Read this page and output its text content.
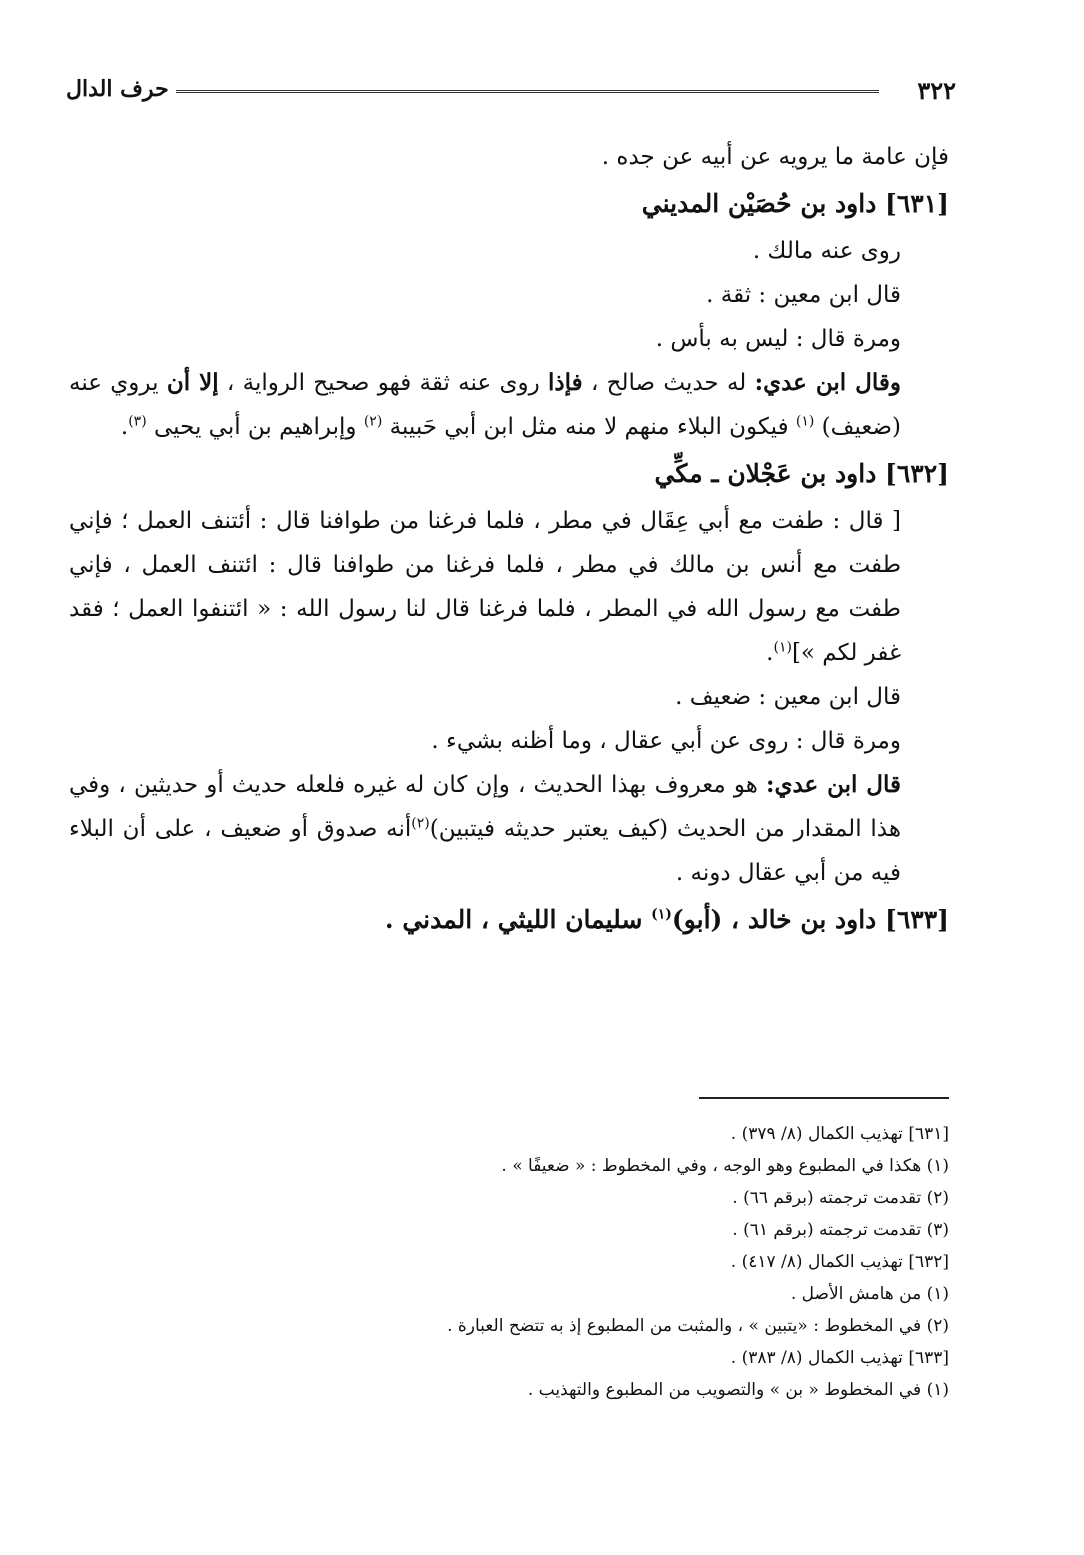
٣٢٢
حرف الدال

فإن عامة ما يرويه عن أبيه عن جده .

[٦٣١] داود بن حُصَيْن المديني

روى عنه مالك .

قال ابن معين : ثقة .

ومرة قال : ليس به بأس .

وقال ابن عدي: له حديث صالح ، فإذا روى عنه ثقة فهو صحيح الرواية ، إلا أن يروي عنه (ضعيف) $^{(١)}$ فيكون البلاء منهم لا منه مثل ابن أبي حَبيبة $^{(٢)}$ وإبراهيم بن أبي يحيى $^{(٣)}$.

[٦٣٢] داود بن عَجْلان ـ مكِّي

[ قال : طفت مع أبي عِقَال في مطر ، فلما فرغنا من طوافنا قال : أئتنف العمل ؛ فإني طفت مع أنس بن مالك في مطر ، فلما فرغنا من طوافنا قال : ائتنف العمل ، فإني طفت مع رسول الله في المطر ، فلما فرغنا قال لنا رسول الله : « ائتنفوا العمل ؛ فقد غفر لكم »]$^{(١)}$.

قال ابن معين : ضعيف .

ومرة قال : روى عن أبي عقال ، وما أظنه بشيء .

قال ابن عدي: هو معروف بهذا الحديث ، وإن كان له غيره فلعله حديث أو حديثين ، وفي هذا المقدار من الحديث (كيف يعتبر حديثه فيتبين)$^{(٢)}$أنه صدوق أو ضعيف ، على أن البلاء فيه من أبي عقال دونه .

[٦٣٣] داود بن خالد ، (أبو)$^{(١)}$ سليمان الليثي ، المدني .

[٦٣١] تهذيب الكمال (٨/ ٣٧٩) .
(١) هكذا في المطبوع وهو الوجه ، وفي المخطوط : « ضعيفًا » .
(٢) تقدمت ترجمته (برقم ٦٦) .
(٣) تقدمت ترجمته (برقم ٦١) .
[٦٣٢] تهذيب الكمال (٨/ ٤١٧) .
(١) من هامش الأصل .
(٢) في المخطوط : «يتبين » ، والمثبت من المطبوع إذ به تتضح العبارة .
[٦٣٣] تهذيب الكمال (٨/ ٣٨٣) .
(١) في المخطوط « بن » والتصويب من المطبوع والتهذيب .
